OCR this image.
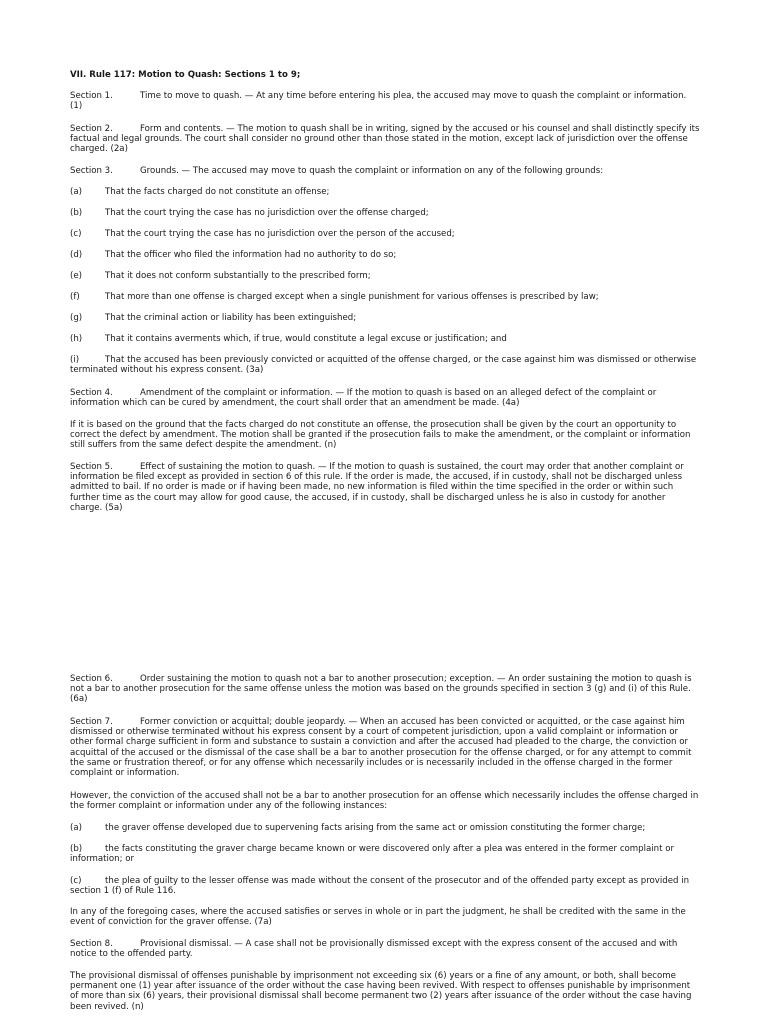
VII. Rule 117: Motion to Quash: Sections 1 to 9;
Section 1.	Time to move to quash. — At any time before entering his plea, the accused may move to quash the complaint or information. (1)
Section 2.	Form and contents. — The motion to quash shall be in writing, signed by the accused or his counsel and shall distinctly specify its factual and legal grounds. The court shall consider no ground other than those stated in the motion, except lack of jurisdiction over the offense charged. (2a)
Section 3.	Grounds. — The accused may move to quash the complaint or information on any of the following grounds:
(a)	That the facts charged do not constitute an offense;
(b)	That the court trying the case has no jurisdiction over the offense charged;
(c)	That the court trying the case has no jurisdiction over the person of the accused;
(d)	That the officer who filed the information had no authority to do so;
(e)	That it does not conform substantially to the prescribed form;
(f)	That more than one offense is charged except when a single punishment for various offenses is prescribed by law;
(g)	That the criminal action or liability has been extinguished;
(h)	That it contains averments which, if true, would constitute a legal excuse or justification; and
(i)	That the accused has been previously convicted or acquitted of the offense charged, or the case against him was dismissed or otherwise terminated without his express consent. (3a)
Section 4.	Amendment of the complaint or information. — If the motion to quash is based on an alleged defect of the complaint or information which can be cured by amendment, the court shall order that an amendment be made. (4a)
If it is based on the ground that the facts charged do not constitute an offense, the prosecution shall be given by the court an opportunity to correct the defect by amendment. The motion shall be granted if the prosecution fails to make the amendment, or the complaint or information still suffers from the same defect despite the amendment. (n)
Section 5.	Effect of sustaining the motion to quash. — If the motion to quash is sustained, the court may order that another complaint or information be filed except as provided in section 6 of this rule. If the order is made, the accused, if in custody, shall not be discharged unless admitted to bail. If no order is made or if having been made, no new information is filed within the time specified in the order or within such further time as the court may allow for good cause, the accused, if in custody, shall be discharged unless he is also in custody for another charge. (5a)
Section 6.	Order sustaining the motion to quash not a bar to another prosecution; exception. — An order sustaining the motion to quash is not a bar to another prosecution for the same offense unless the motion was based on the grounds specified in section 3 (g) and (i) of this Rule. (6a)
Section 7.	Former conviction or acquittal; double jeopardy. — When an accused has been convicted or acquitted, or the case against him dismissed or otherwise terminated without his express consent by a court of competent jurisdiction, upon a valid complaint or information or other formal charge sufficient in form and substance to sustain a conviction and after the accused had pleaded to the charge, the conviction or acquittal of the accused or the dismissal of the case shall be a bar to another prosecution for the offense charged, or for any attempt to commit the same or frustration thereof, or for any offense which necessarily includes or is necessarily included in the offense charged in the former complaint or information.
However, the conviction of the accused shall not be a bar to another prosecution for an offense which necessarily includes the offense charged in the former complaint or information under any of the following instances:
(a)	the graver offense developed due to supervening facts arising from the same act or omission constituting the former charge;
(b)	the facts constituting the graver charge became known or were discovered only after a plea was entered in the former complaint or information; or
(c)	the plea of guilty to the lesser offense was made without the consent of the prosecutor and of the offended party except as provided in section 1 (f) of Rule 116.
In any of the foregoing cases, where the accused satisfies or serves in whole or in part the judgment, he shall be credited with the same in the event of conviction for the graver offense. (7a)
Section 8.	Provisional dismissal. — A case shall not be provisionally dismissed except with the express consent of the accused and with notice to the offended party.
The provisional dismissal of offenses punishable by imprisonment not exceeding six (6) years or a fine of any amount, or both, shall become permanent one (1) year after issuance of the order without the case having been revived. With respect to offenses punishable by imprisonment of more than six (6) years, their provisional dismissal shall become permanent two (2) years after issuance of the order without the case having been revived. (n)
